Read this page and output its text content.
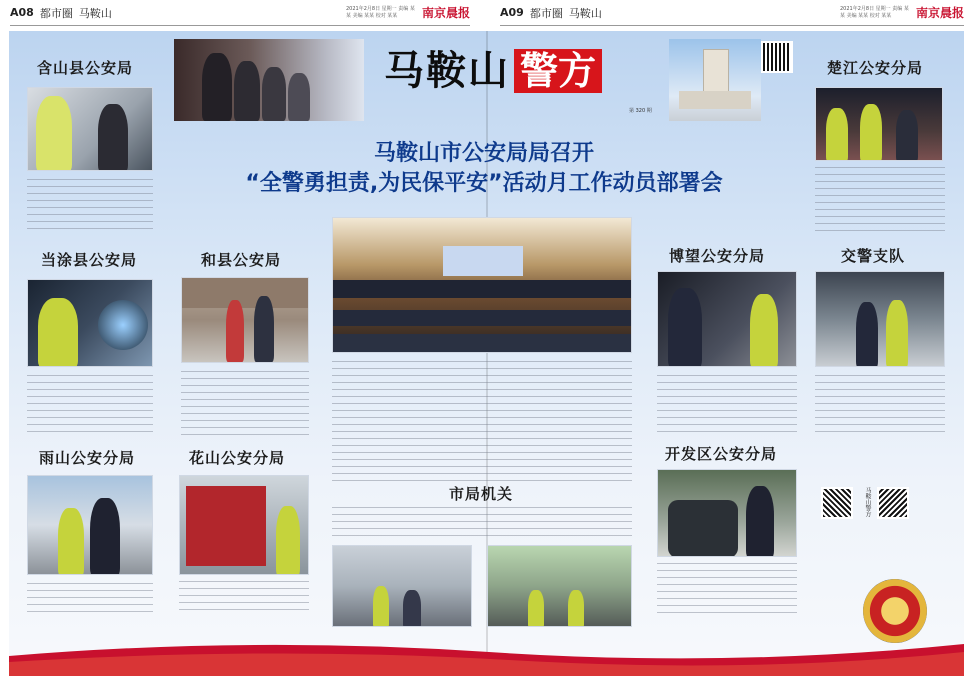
A08 都市圈 马鞍山	2021年2月8日 星期一 责编 某某 美编 某某 校对 某某	南京晨报	A09 都市圈 马鞍山	2021年2月8日 星期一 责编 某某 美编 某某 校对 某某	南京晨报
马鞍山 警方
第 320 期
马鞍山市公安局局召开
“全警勇担责,为民保平安”活动月工作动员部署会
含山县公安局
当涂县公安局	和县公安局
雨山公安分局	花山公安分局
市局机关
楚江公安分局
博望公安分局	交警支队
开发区公安分局
马鞍山警方
